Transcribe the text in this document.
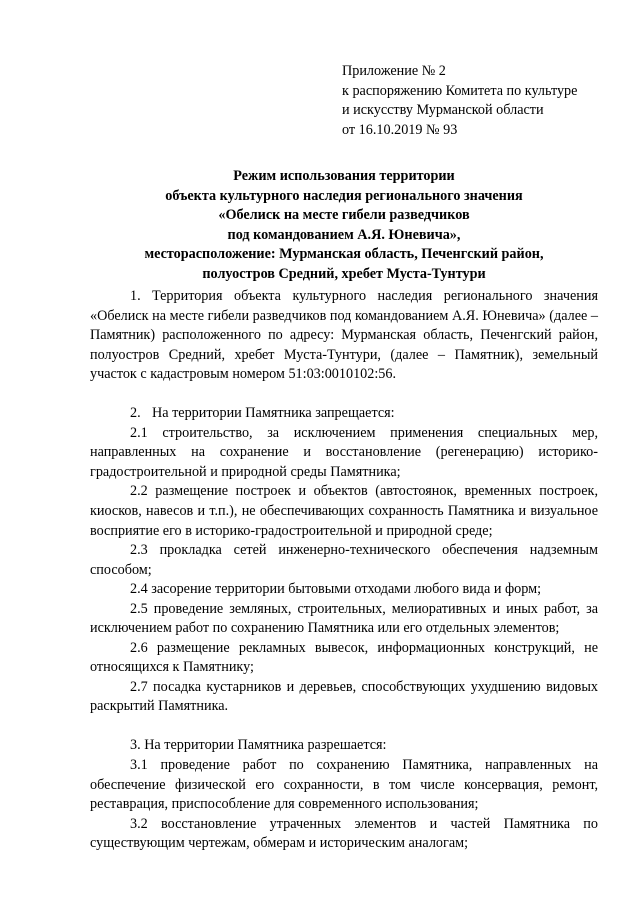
Приложение № 2
к распоряжению Комитета по культуре
и искусству Мурманской области
от 16.10.2019 № 93
Режим использования территории
объекта культурного наследия регионального значения
«Обелиск на месте гибели разведчиков
под командованием А.Я. Юневича»,
месторасположение: Мурманская область, Печенгский район,
полуостров Средний, хребет Муста-Тунтури

1. Территория объекта культурного наследия регионального значения «Обелиск на месте гибели разведчиков под командованием А.Я. Юневича» (далее – Памятник) расположенного по адресу: Мурманская область, Печенгский район, полуостров Средний, хребет Муста-Тунтури, (далее – Памятник), земельный участок с кадастровым номером 51:03:0010102:56.

2. На территории Памятника запрещается:

2.1 строительство, за исключением применения специальных мер, направленных на сохранение и восстановление (регенерацию) историко-градостроительной и природной среды Памятника;

2.2 размещение построек и объектов (автостоянок, временных построек, киосков, навесов и т.п.), не обеспечивающих сохранность Памятника и визуальное восприятие его в историко-градостроительной и природной среде;

2.3 прокладка сетей инженерно-технического обеспечения надземным способом;

2.4 засорение территории бытовыми отходами любого вида и форм;

2.5 проведение земляных, строительных, мелиоративных и иных работ, за исключением работ по сохранению Памятника или его отдельных элементов;

2.6 размещение рекламных вывесок, информационных конструкций, не относящихся к Памятнику;

2.7 посадка кустарников и деревьев, способствующих ухудшению видовых раскрытий Памятника.

3. На территории Памятника разрешается:

3.1 проведение работ по сохранению Памятника, направленных на обеспечение физической его сохранности, в том числе консервация, ремонт, реставрация, приспособление для современного использования;

3.2 восстановление утраченных элементов и частей Памятника по существующим чертежам, обмерам и историческим аналогам;
